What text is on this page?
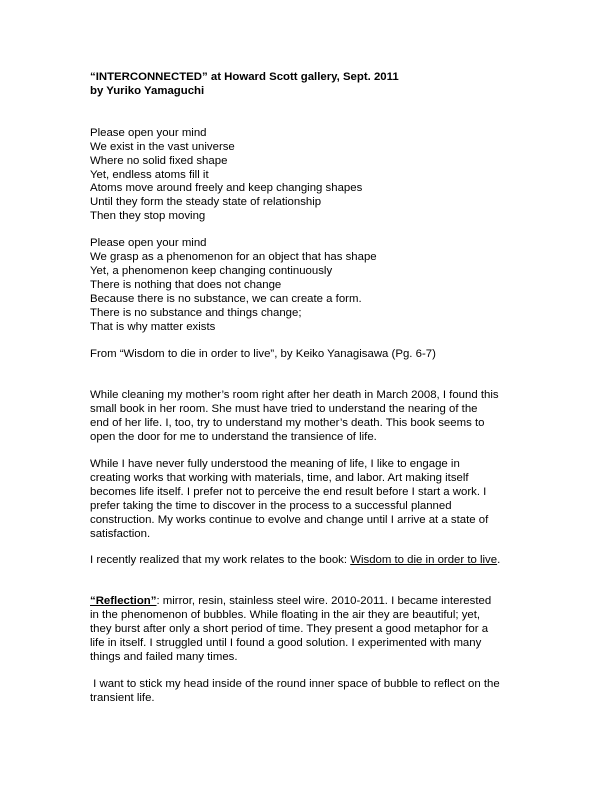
“INTERCONNECTED” at Howard Scott gallery, Sept. 2011
by Yuriko Yamaguchi
Please open your mind
We exist in the vast universe
Where no solid fixed shape
Yet, endless atoms fill it
Atoms move around freely and keep changing shapes
Until they form the steady state of relationship
Then they stop moving
Please open your mind
We grasp as a phenomenon for an object that has shape
Yet, a phenomenon keep changing continuously
There is nothing that does not change
Because there is no substance, we can create a form.
There is no substance and things change;
That is why matter exists
From “Wisdom to die in order to live”, by Keiko Yanagisawa (Pg. 6-7)
While cleaning my mother’s room right after her death in March 2008, I found this
small book in her room. She must have tried to understand the nearing of the
end of her life. I, too, try to understand my mother’s death. This book seems to
open the door for me to understand the transience of life.
While I have never fully understood the meaning of life, I like to engage in
creating works that working with materials, time, and labor. Art making itself
becomes life itself. I prefer not to perceive the end result before I start a work. I
prefer taking the time to discover in the process to a successful planned
construction. My works continue to evolve and change until I arrive at a state of
satisfaction.
I recently realized that my work relates to the book: Wisdom to die in order to live.
“Reflection”: mirror, resin, stainless steel wire. 2010-2011. I became interested
in the phenomenon of bubbles. While floating in the air they are beautiful; yet,
they burst after only a short period of time. They present a good metaphor for a
life in itself. I struggled until I found a good solution. I experimented with many
things and failed many times.
I want to stick my head inside of the round inner space of bubble to reflect on the
transient life.
